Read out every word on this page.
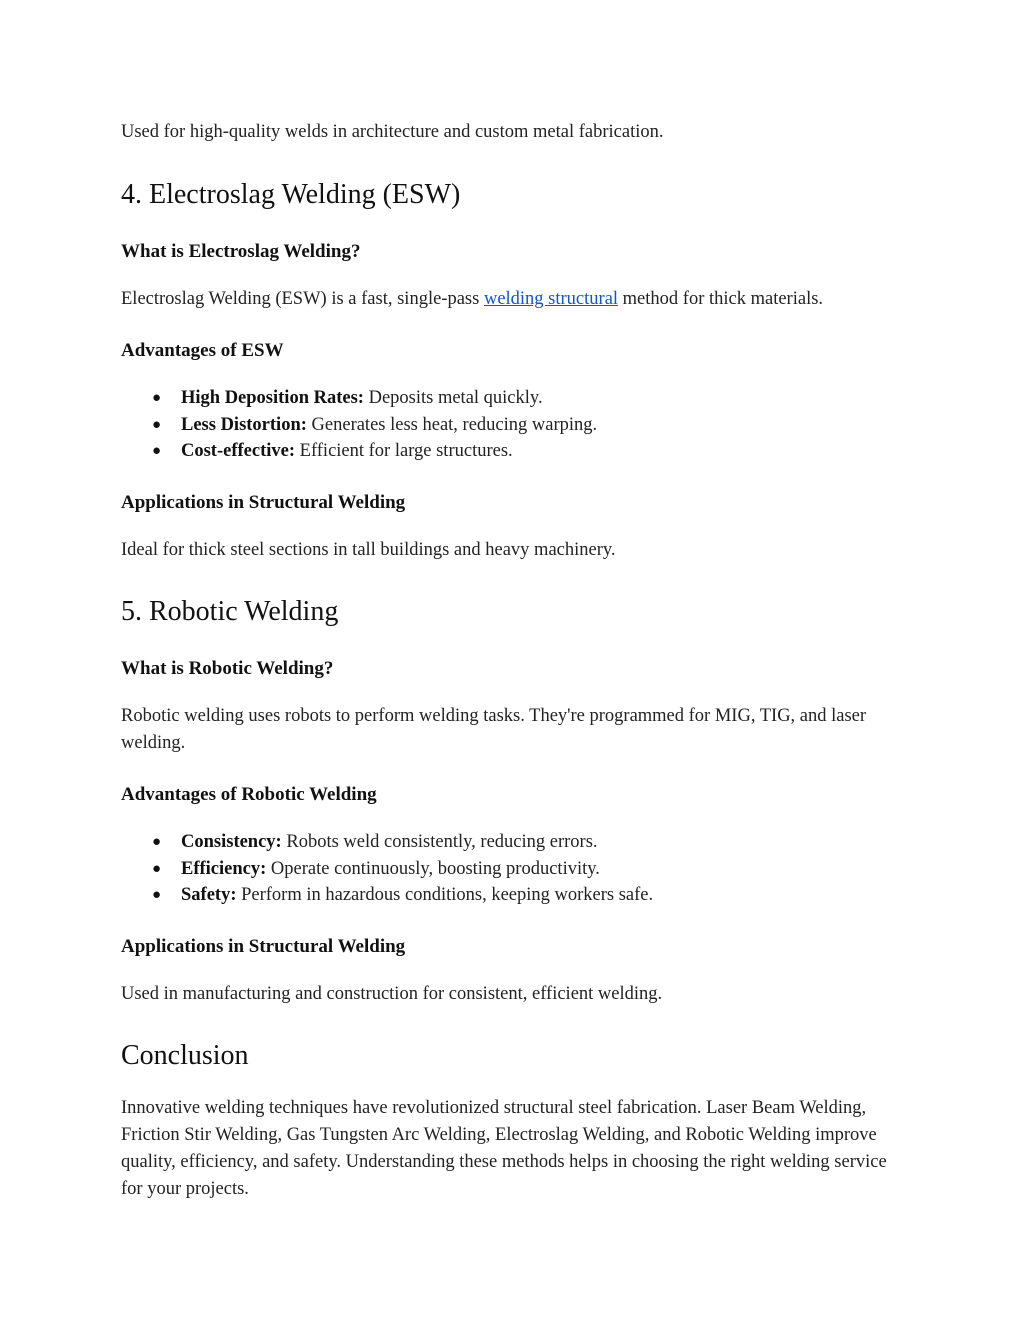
Used for high-quality welds in architecture and custom metal fabrication.

4. Electroslag Welding (ESW)
What is Electroslag Welding?

Electroslag Welding (ESW) is a fast, single-pass welding structural method for thick materials.

Advantages of ESW
● High Deposition Rates: Deposits metal quickly.
● Less Distortion: Generates less heat, reducing warping.
● Cost-effective: Efficient for large structures.
Applications in Structural Welding

Ideal for thick steel sections in tall buildings and heavy machinery.

5. Robotic Welding
What is Robotic Welding?

Robotic welding uses robots to perform welding tasks. They're programmed for MIG, TIG, and laser welding.

Advantages of Robotic Welding
● Consistency: Robots weld consistently, reducing errors.
● Efficiency: Operate continuously, boosting productivity.
● Safety: Perform in hazardous conditions, keeping workers safe.
Applications in Structural Welding

Used in manufacturing and construction for consistent, efficient welding.

Conclusion

Innovative welding techniques have revolutionized structural steel fabrication. Laser Beam Welding, Friction Stir Welding, Gas Tungsten Arc Welding, Electroslag Welding, and Robotic Welding improve quality, efficiency, and safety. Understanding these methods helps in choosing the right welding service for your projects.
